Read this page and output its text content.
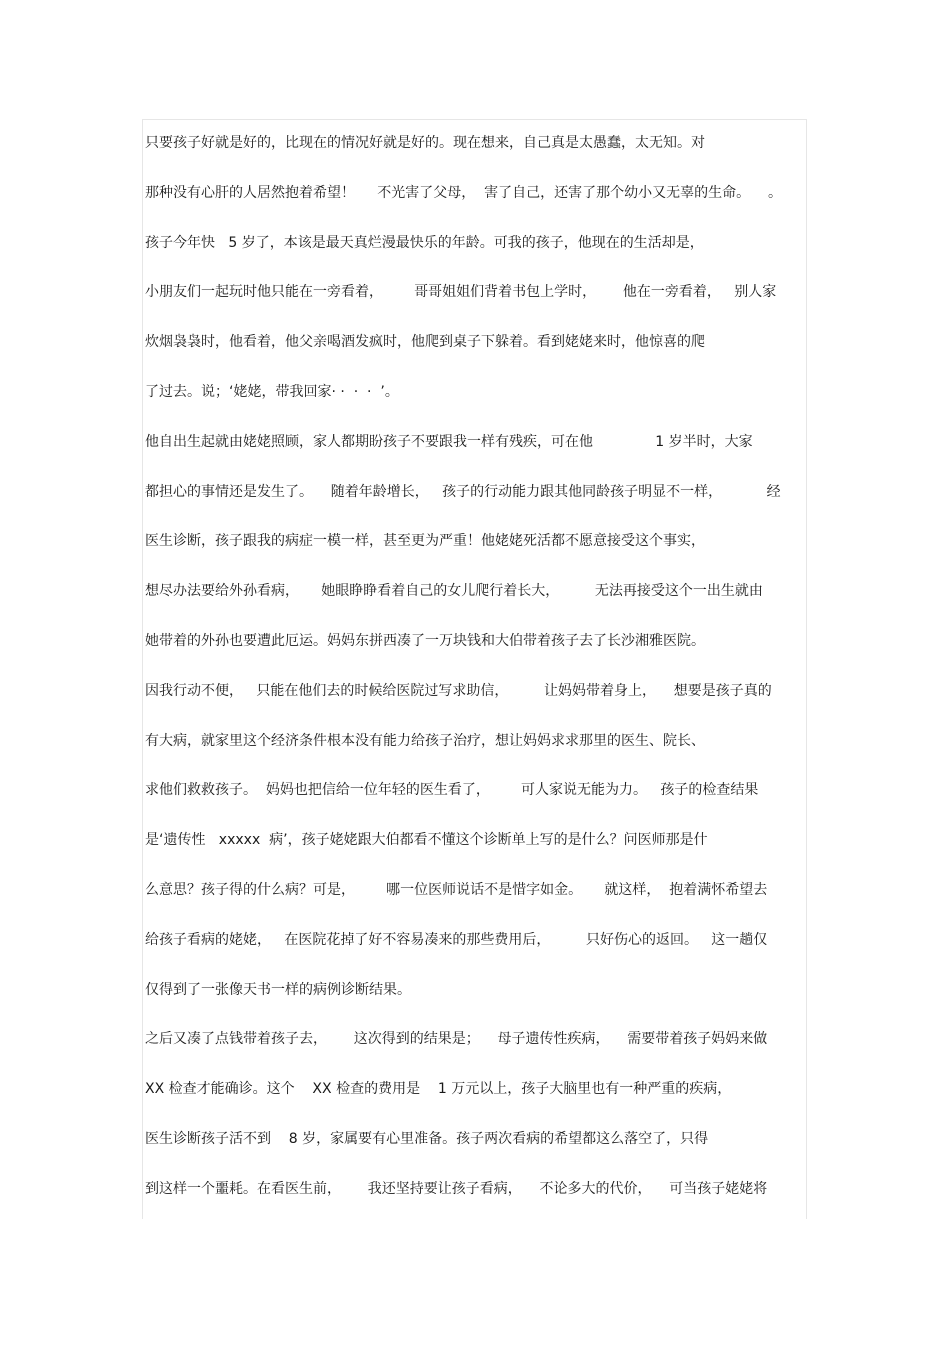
只要孩子好就是好的，比现在的情况好就是好的。现在想来，自己真是太愚蠢，太无知。对
那种没有心肝的人居然抱着希望！     不光害了父母，  害了自己，还害了那个幼小又无辜的生命。    。
孩子今年快   5 岁了，本该是最天真烂漫最快乐的年龄。可我的孩子，他现在的生活却是，
小朋友们一起玩时他只能在一旁看着，       哥哥姐姐们背着书包上学时，      他在一旁看着，   别人家
炊烟袅袅时，他看着，他父亲喝酒发疯时，他爬到桌子下躲着。看到姥姥来时，他惊喜的爬
了过去。说；‘姥姥，带我回家· ·  ·  ·  ’。
他自出生起就由姥姥照顾，家人都期盼孩子不要跟我一样有残疾，可在他              1 岁半时，大家
都担心的事情还是发生了。    随着年龄增长，   孩子的行动能力跟其他同龄孩子明显不一样，          经
医生诊断，孩子跟我的病症一模一样，甚至更为严重！他姥姥死活都不愿意接受这个事实，
想尽办法要给外孙看病，     她眼睁睁看着自己的女儿爬行着长大，        无法再接受这个一出生就由
她带着的外孙也要遭此厄运。妈妈东拼西凑了一万块钱和大伯带着孩子去了长沙湘雅医院。
因我行动不便，   只能在他们去的时候给医院过写求助信，        让妈妈带着身上，    想要是孩子真的
有大病，就家里这个经济条件根本没有能力给孩子治疗，想让妈妈求求那里的医生、院长、
求他们救救孩子。  妈妈也把信给一位年轻的医生看了，       可人家说无能为力。   孩子的检查结果
是‘遗传性   xxxxx  病’，孩子姥姥跟大伯都看不懂这个诊断单上写的是什么？问医师那是什
么意思？孩子得的什么病？可是，       哪一位医师说话不是惜字如金。     就这样，  抱着满怀希望去
给孩子看病的姥姥，   在医院花掉了好不容易凑来的那些费用后，        只好伤心的返回。   这一趟仅
仅得到了一张像天书一样的病例诊断结果。
之后又凑了点钱带着孩子去，      这次得到的结果是；    母子遗传性疾病，    需要带着孩子妈妈来做
XX 检查才能确诊。这个    XX 检查的费用是    1 万元以上，孩子大脑里也有一种严重的疾病，
医生诊断孩子活不到    8 岁，家属要有心里准备。孩子两次看病的希望都这么落空了，只得
到这样一个噩耗。在看医生前，      我还坚持要让孩子看病，    不论多大的代价，    可当孩子姥姥将
